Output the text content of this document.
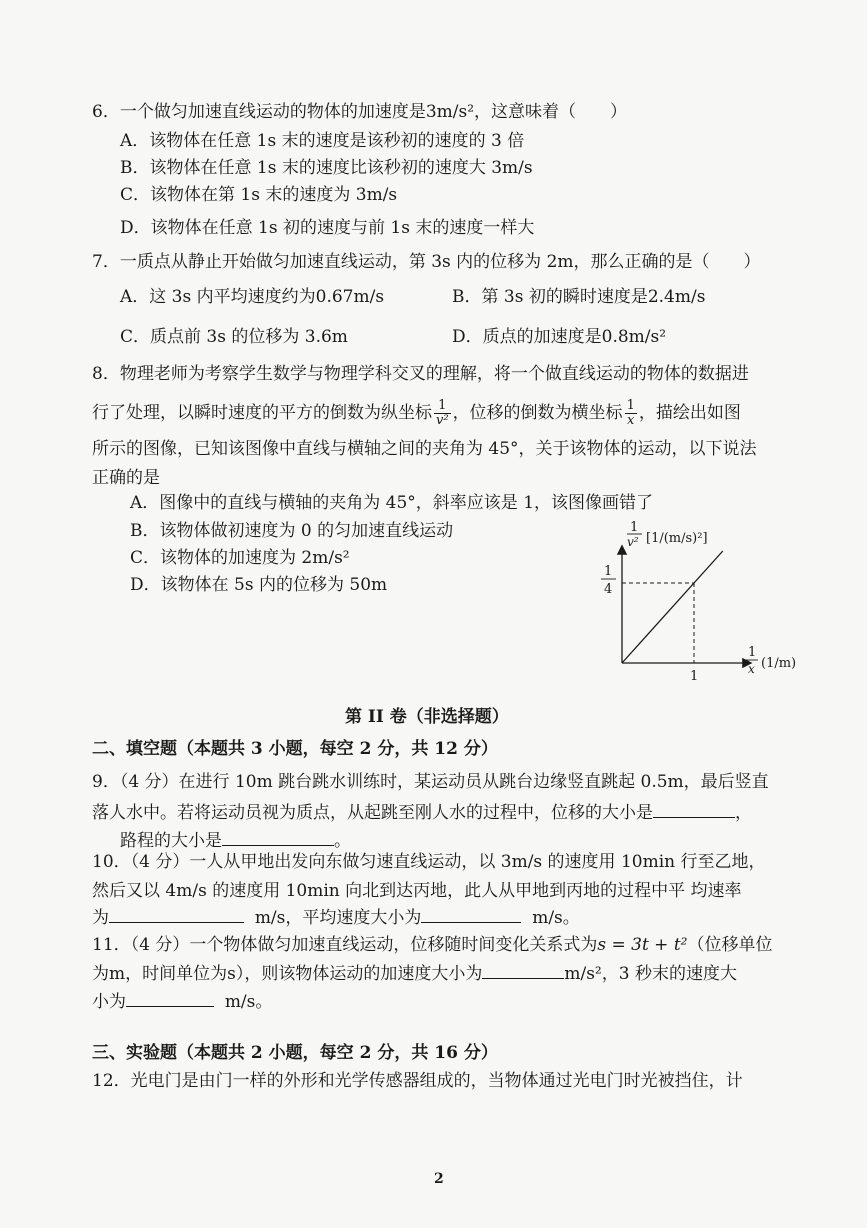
6．一个做匀加速直线运动的物体的加速度是3m/s²，这意味着（　　）
A．该物体在任意 1s 末的速度是该秒初的速度的 3 倍
B．该物体在任意 1s 末的速度比该秒初的速度大 3m/s
C．该物体在第 1s 末的速度为 3m/s
D．该物体在任意 1s 初的速度与前 1s 末的速度一样大
7．一质点从静止开始做匀加速直线运动，第 3s 内的位移为 2m，那么正确的是（　　）
A．这 3s 内平均速度约为0.67m/s	B．第 3s 初的瞬时速度是2.4m/s
C．质点前 3s 的位移为 3.6m	D．质点的加速度是0.8m/s²
8．物理老师为考察学生数学与物理学科交叉的理解，将一个做直线运动的物体的数据进
行了处理，以瞬时速度的平方的倒数为纵坐标 $\frac{1}{\text{v²}}$ ，位移的倒数为横坐标 $\frac{1}{x}$ ，描绘出如图
所示的图像，已知该图像中直线与横轴之间的夹角为 45°，关于该物体的运动，以下说法
正确的是
A．图像中的直线与横轴的夹角为 45°，斜率应该是 1，该图像画错了
B．该物体做初速度为 0 的匀加速直线运动
C．该物体的加速度为 2m/s²
D．该物体在 5s 内的位移为 50m
1
v² [1/(m/s)²]
1
4
1
1
x (1/m)
第 II 卷（非选择题）
二、填空题（本题共 3 小题，每空 2 分，共 12 分）
9．（4 分）在进行 10m 跳台跳水训练时，某运动员从跳台边缘竖直跳起 0.5m，最后竖直
落人水中。若将运动员视为质点，从起跳至刚人水的过程中，位移的大小是	，
路程的大小是	。
10．（4 分）一人从甲地出发向东做匀速直线运动，以 3m/s 的速度用 10min 行至乙地，
然后又以 4m/s 的速度用 10min 向北到达丙地，此人从甲地到丙地的过程中平 均速率
为	m/s，平均速度大小为	m/s。
11．（4 分）一个物体做匀加速直线运动，位移随时间变化关系式为s = 3t + t²（位移单位
为m，时间单位为s），则该物体运动的加速度大小为	m/s²，3 秒末的速度大
小为	m/s。
三、实验题（本题共 2 小题，每空 2 分，共 16 分）
12．光电门是由门一样的外形和光学传感器组成的，当物体通过光电门时光被挡住，计
2
